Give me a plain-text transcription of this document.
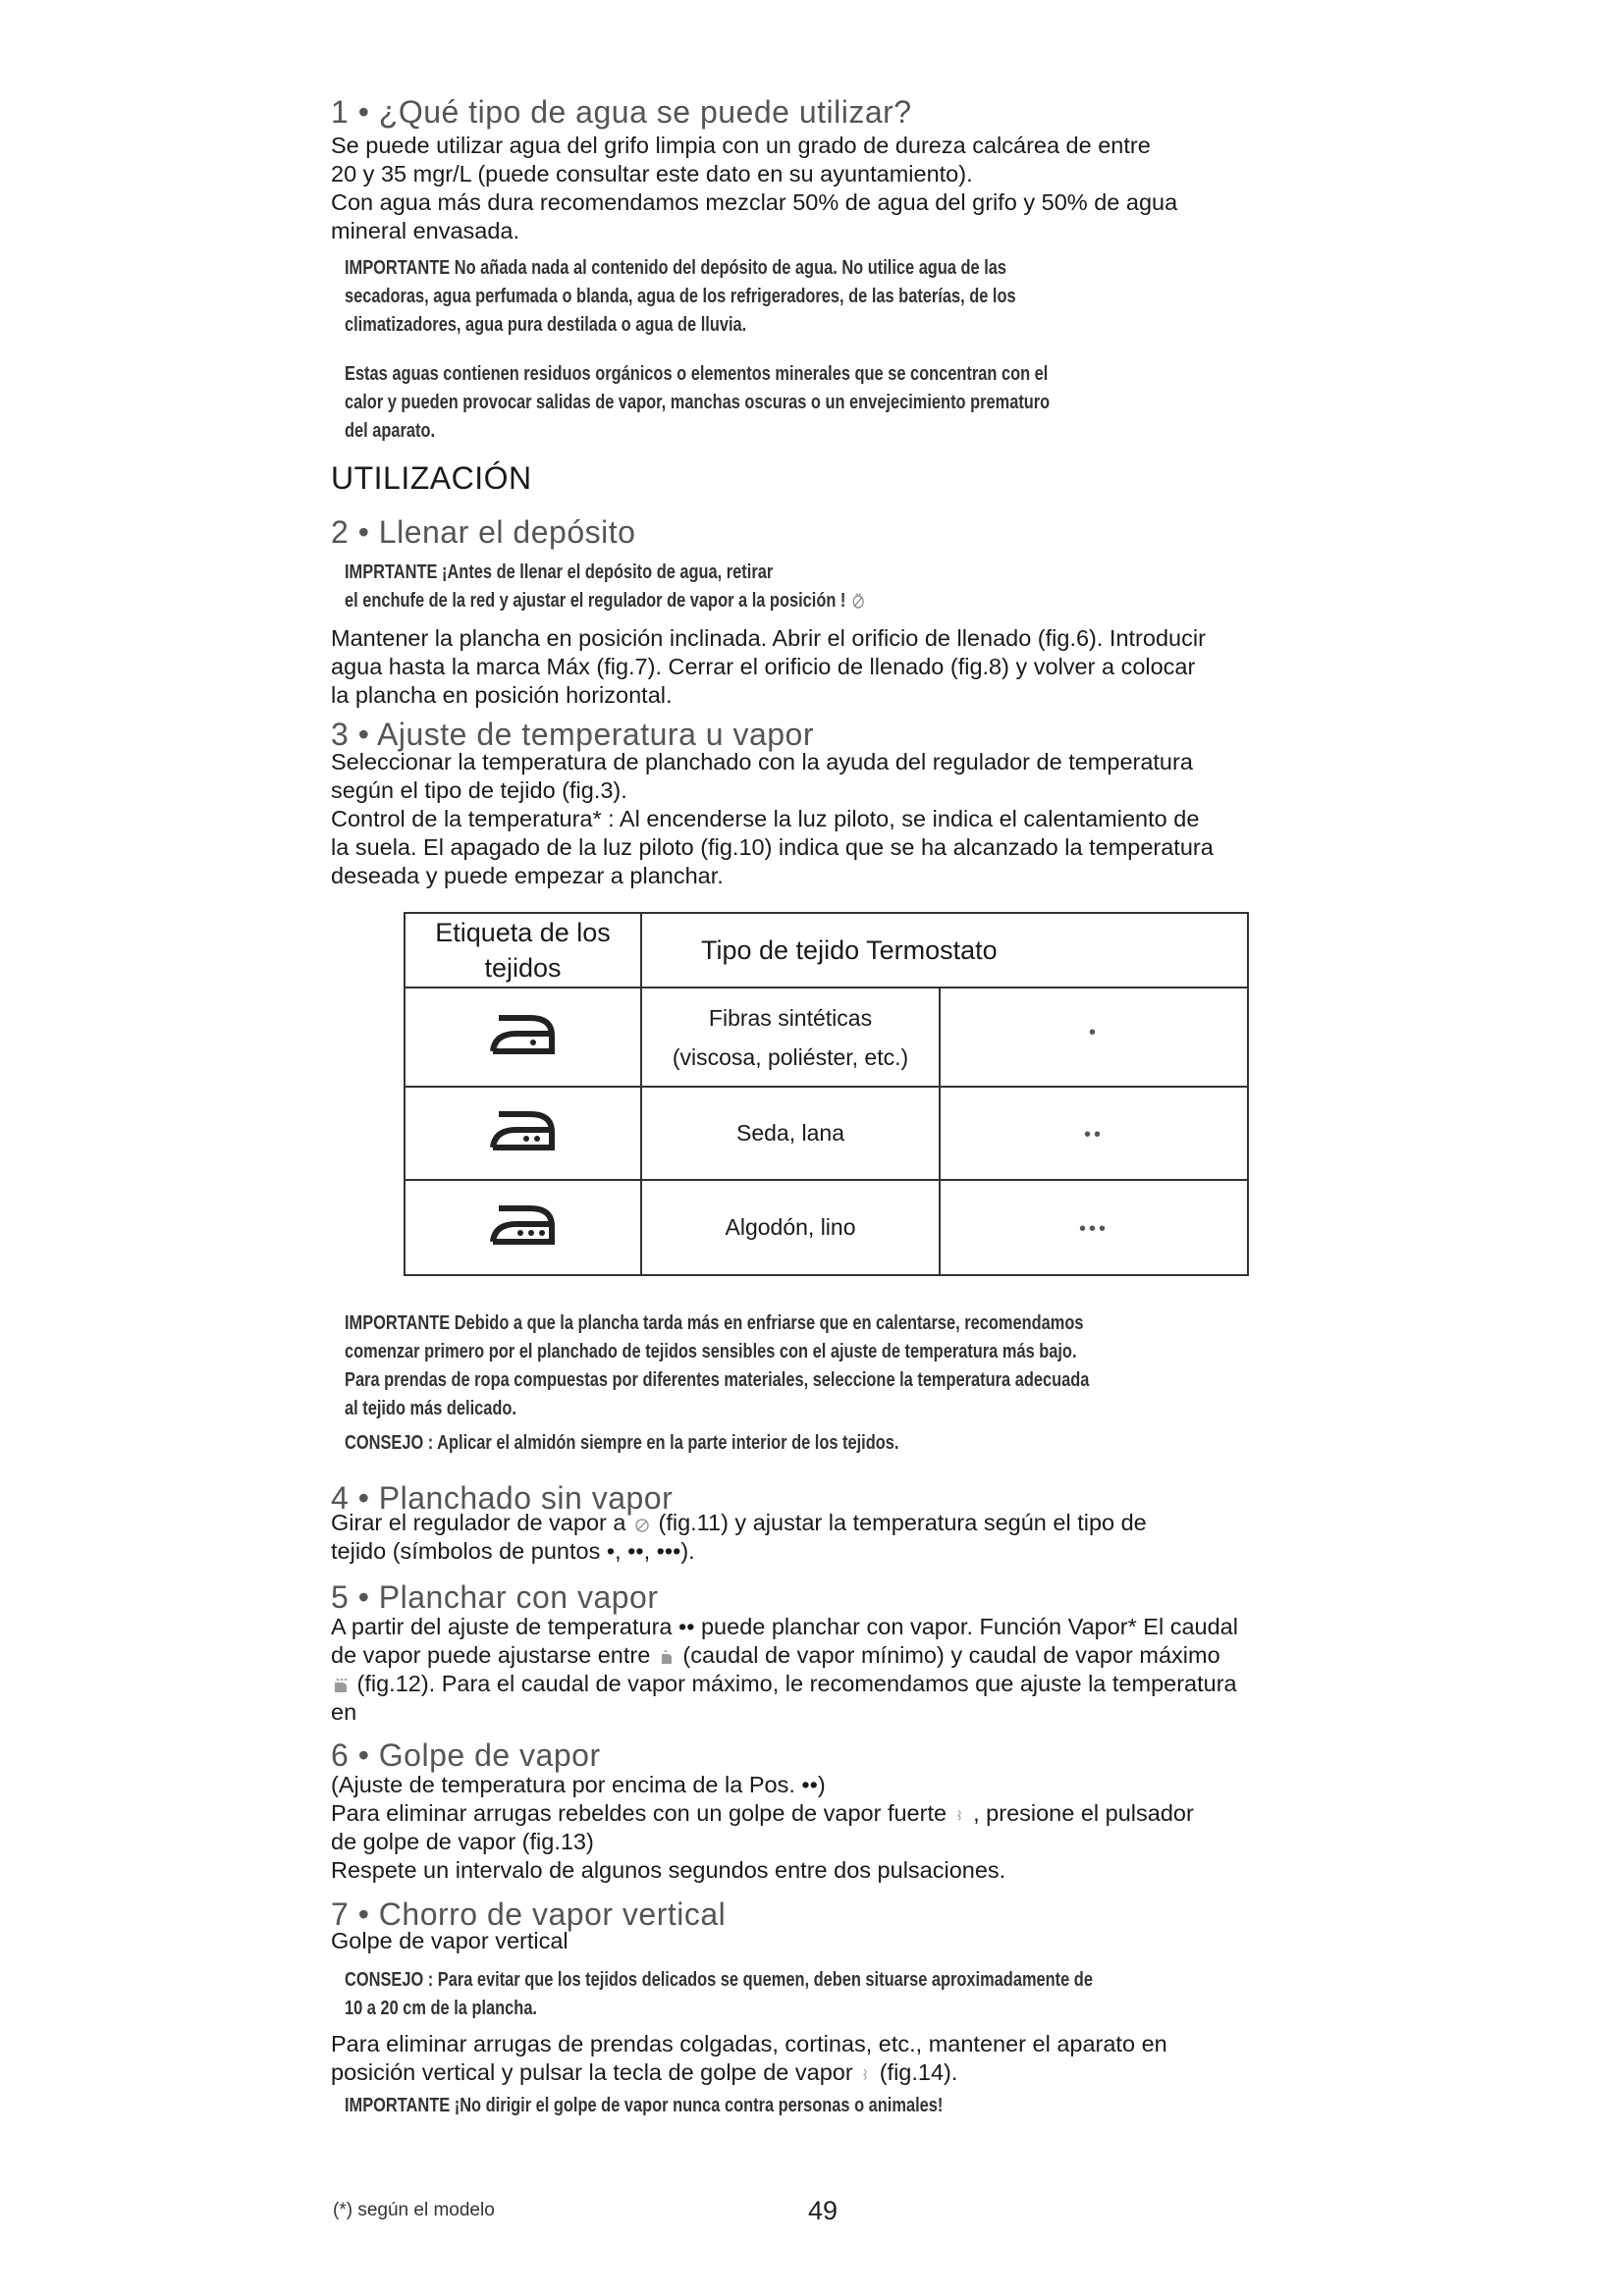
1 • ¿Qué tipo de agua se puede utilizar?
Se puede utilizar agua del grifo limpia con un grado de dureza calcárea de entre
20 y 35 mgr/L (puede consultar este dato en su ayuntamiento).
Con agua más dura recomendamos mezclar 50% de agua del grifo y 50% de agua
mineral envasada.
IMPORTANTE No añada nada al contenido del depósito de agua. No utilice agua de las
secadoras, agua perfumada o blanda, agua de los refrigeradores, de las baterías, de los
climatizadores, agua pura destilada o agua de lluvia.
Estas aguas contienen residuos orgánicos o elementos minerales que se concentran con el
calor y pueden provocar salidas de vapor, manchas oscuras o un envejecimiento prematuro
del aparato.
UTILIZACIÓN
2 • Llenar el depósito
IMPRTANTE ¡Antes de llenar el depósito de agua, retirar
el enchufe de la red y ajustar el regulador de vapor a la posición !
Mantener la plancha en posición inclinada. Abrir el orificio de llenado (fig.6). Introducir
agua hasta la marca Máx (fig.7). Cerrar el orificio de llenado (fig.8) y volver a colocar
la plancha en posición horizontal.
3 • Ajuste de temperatura u vapor
Seleccionar la temperatura de planchado con la ayuda del regulador de temperatura
según el tipo de tejido (fig.3).
Control de la temperatura* : Al encenderse la luz piloto, se indica el calentamiento de
la suela. El apagado de la luz piloto (fig.10) indica que se ha alcanzado la temperatura
deseada y puede empezar a planchar.
Etiqueta de los
tejidos	Tipo de tejido Termostato	

Fibras sintéticas
(viscosa, poliéster, etc.)	•

Seda, lana	••

Algodón, lino	•••
IMPORTANTE Debido a que la plancha tarda más en enfriarse que en calentarse, recomendamos
comenzar primero por el planchado de tejidos sensibles con el ajuste de temperatura más bajo.
Para prendas de ropa compuestas por diferentes materiales, seleccione la temperatura adecuada
al tejido más delicado.
CONSEJO : Aplicar el almidón siempre en la parte interior de los tejidos.
4 • Planchado sin vapor
Girar el regulador de vapor a  (fig.11) y ajustar la temperatura según el tipo de
tejido (símbolos de puntos •, ••, •••).
5 • Planchar con vapor
A partir del ajuste de temperatura •• puede planchar con vapor. Función Vapor* El caudal
de vapor puede ajustarse entre  (caudal de vapor mínimo) y caudal de vapor máximo
(fig.12). Para el caudal de vapor máximo, le recomendamos que ajuste la temperatura
en
6 • Golpe de vapor
(Ajuste de temperatura por encima de la Pos. ••)
Para eliminar arrugas rebeldes con un golpe de vapor fuerte , presione el pulsador
de golpe de vapor (fig.13)
Respete un intervalo de algunos segundos entre dos pulsaciones.
7 • Chorro de vapor vertical
Golpe de vapor vertical
CONSEJO : Para evitar que los tejidos delicados se quemen, deben situarse aproximadamente de
10 a 20 cm de la plancha.
Para eliminar arrugas de prendas colgadas, cortinas, etc., mantener el aparato en
posición vertical y pulsar la tecla de golpe de vapor (fig.14).
IMPORTANTE ¡No dirigir el golpe de vapor nunca contra personas o animales!
(*) según el modelo	49
